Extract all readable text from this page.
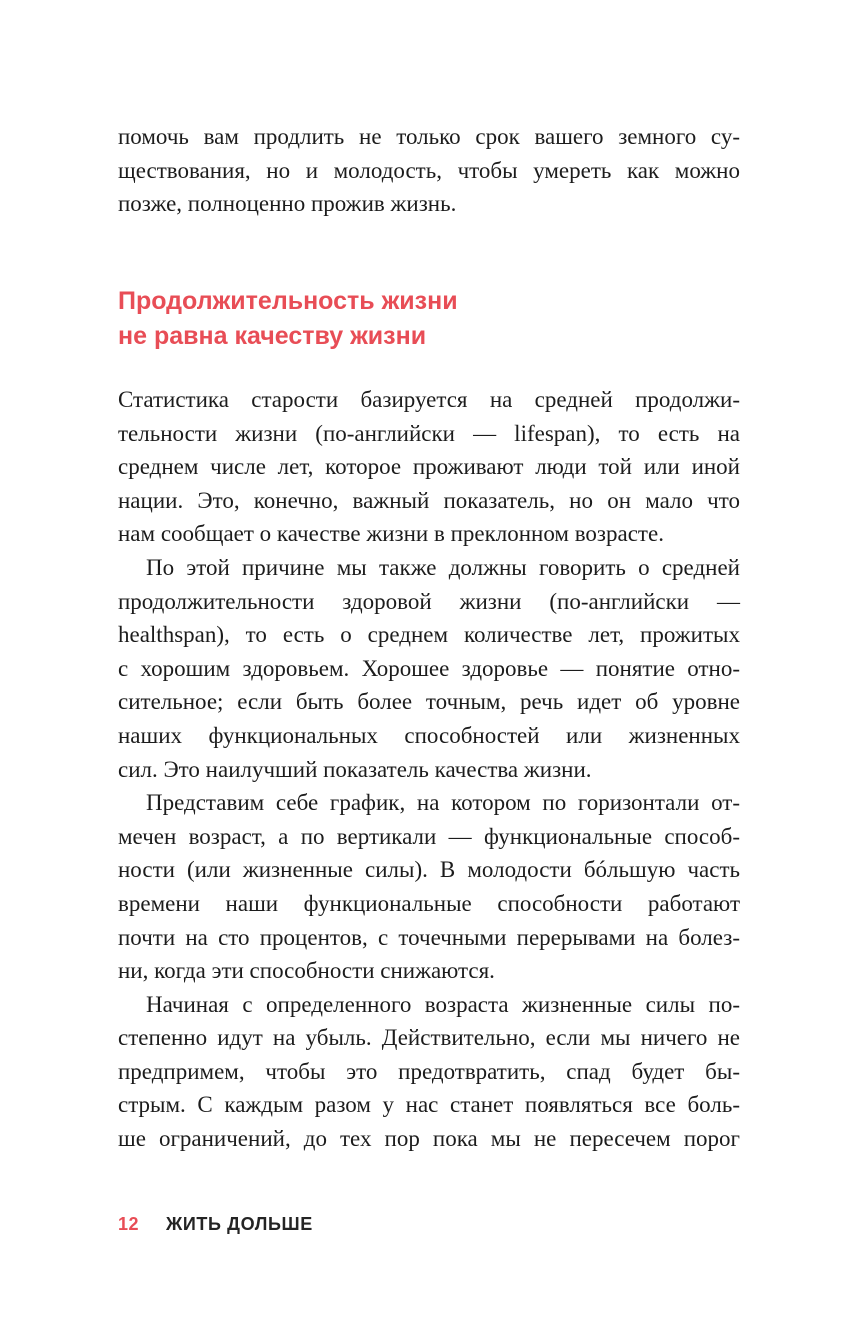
помочь вам продлить не только срок вашего земного су-
ществования, но и молодость, чтобы умереть как можно
позже, полноценно прожив жизнь.
Продолжительность жизни
не равна качеству жизни
Статистика старости базируется на средней продолжи-
тельности жизни (по-английски — lifespan), то есть на
среднем числе лет, которое проживают люди той или иной
нации. Это, конечно, важный показатель, но он мало что
нам сообщает о качестве жизни в преклонном возрасте.
По этой причине мы также должны говорить о средней
продолжительности здоровой жизни (по-английски —
healthspan), то есть о среднем количестве лет, прожитых
с хорошим здоровьем. Хорошее здоровье — понятие отно-
сительное; если быть более точным, речь идет об уровне
наших функциональных способностей или жизненных
сил. Это наилучший показатель качества жизни.
Представим себе график, на котором по горизонтали от-
мечен возраст, а по вертикали — функциональные способ-
ности (или жизненные силы). В молодости бóльшую часть
времени наши функциональные способности работают
почти на сто процентов, с точечными перерывами на болез-
ни, когда эти способности снижаются.
Начиная с определенного возраста жизненные силы по-
степенно идут на убыль. Действительно, если мы ничего не
предпримем, чтобы это предотвратить, спад будет бы-
стрым. С каждым разом у нас станет появляться все боль-
ше ограничений, до тех пор пока мы не пересечем порог
12 ЖИТЬ ДОЛЬШЕ
